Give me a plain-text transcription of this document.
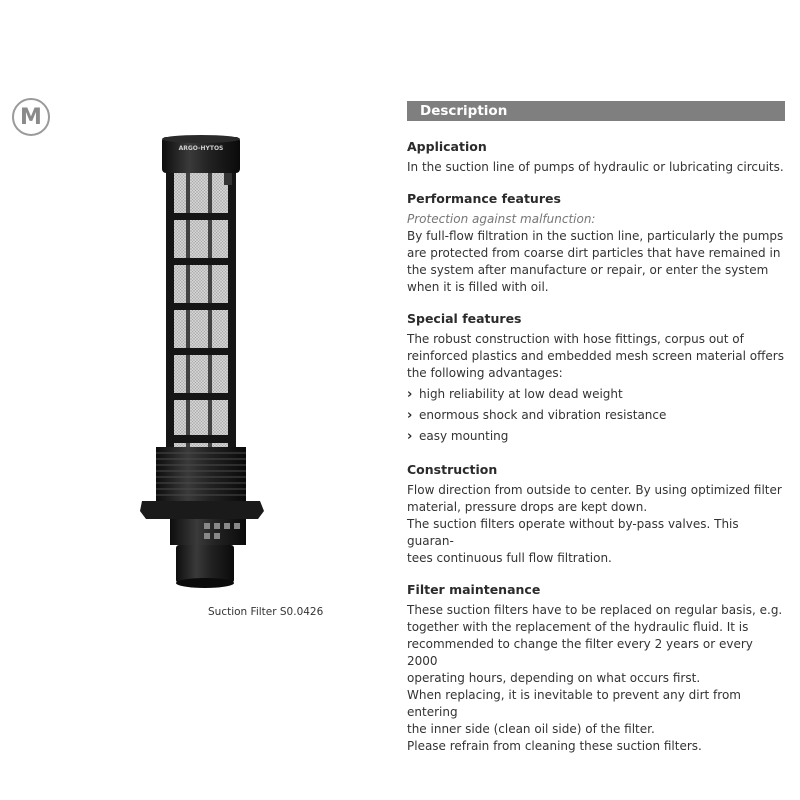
M
ARGO-HYTOS
Suction Filter S0.0426
Description
Application

In the suction line of pumps of hydraulic or lubricating circuits.

Performance features

Protection against malfunction:

By full-flow filtration in the suction line, particularly the pumps
are protected from coarse dirt particles that have remained in
the system after manufacture or repair, or enter the system
when it is filled with oil.

Special features

The robust construction with hose fittings, corpus out of
reinforced plastics and embedded mesh screen material offers
the following advantages:

› high reliability at low dead weight
› enormous shock and vibration resistance
› easy mounting
Construction

Flow direction from outside to center. By using optimized filter
material, pressure drops are kept down.
The suction filters operate without by-pass valves. This guaran-
tees continuous full flow filtration.

Filter maintenance

These suction filters have to be replaced on regular basis, e.g.
together with the replacement of the hydraulic fluid. It is
recommended to change the filter every 2 years or every 2000
operating hours, depending on what occurs first.
When replacing, it is inevitable to prevent any dirt from entering
the inner side (clean oil side) of the filter.
Please refrain from cleaning these suction filters.
